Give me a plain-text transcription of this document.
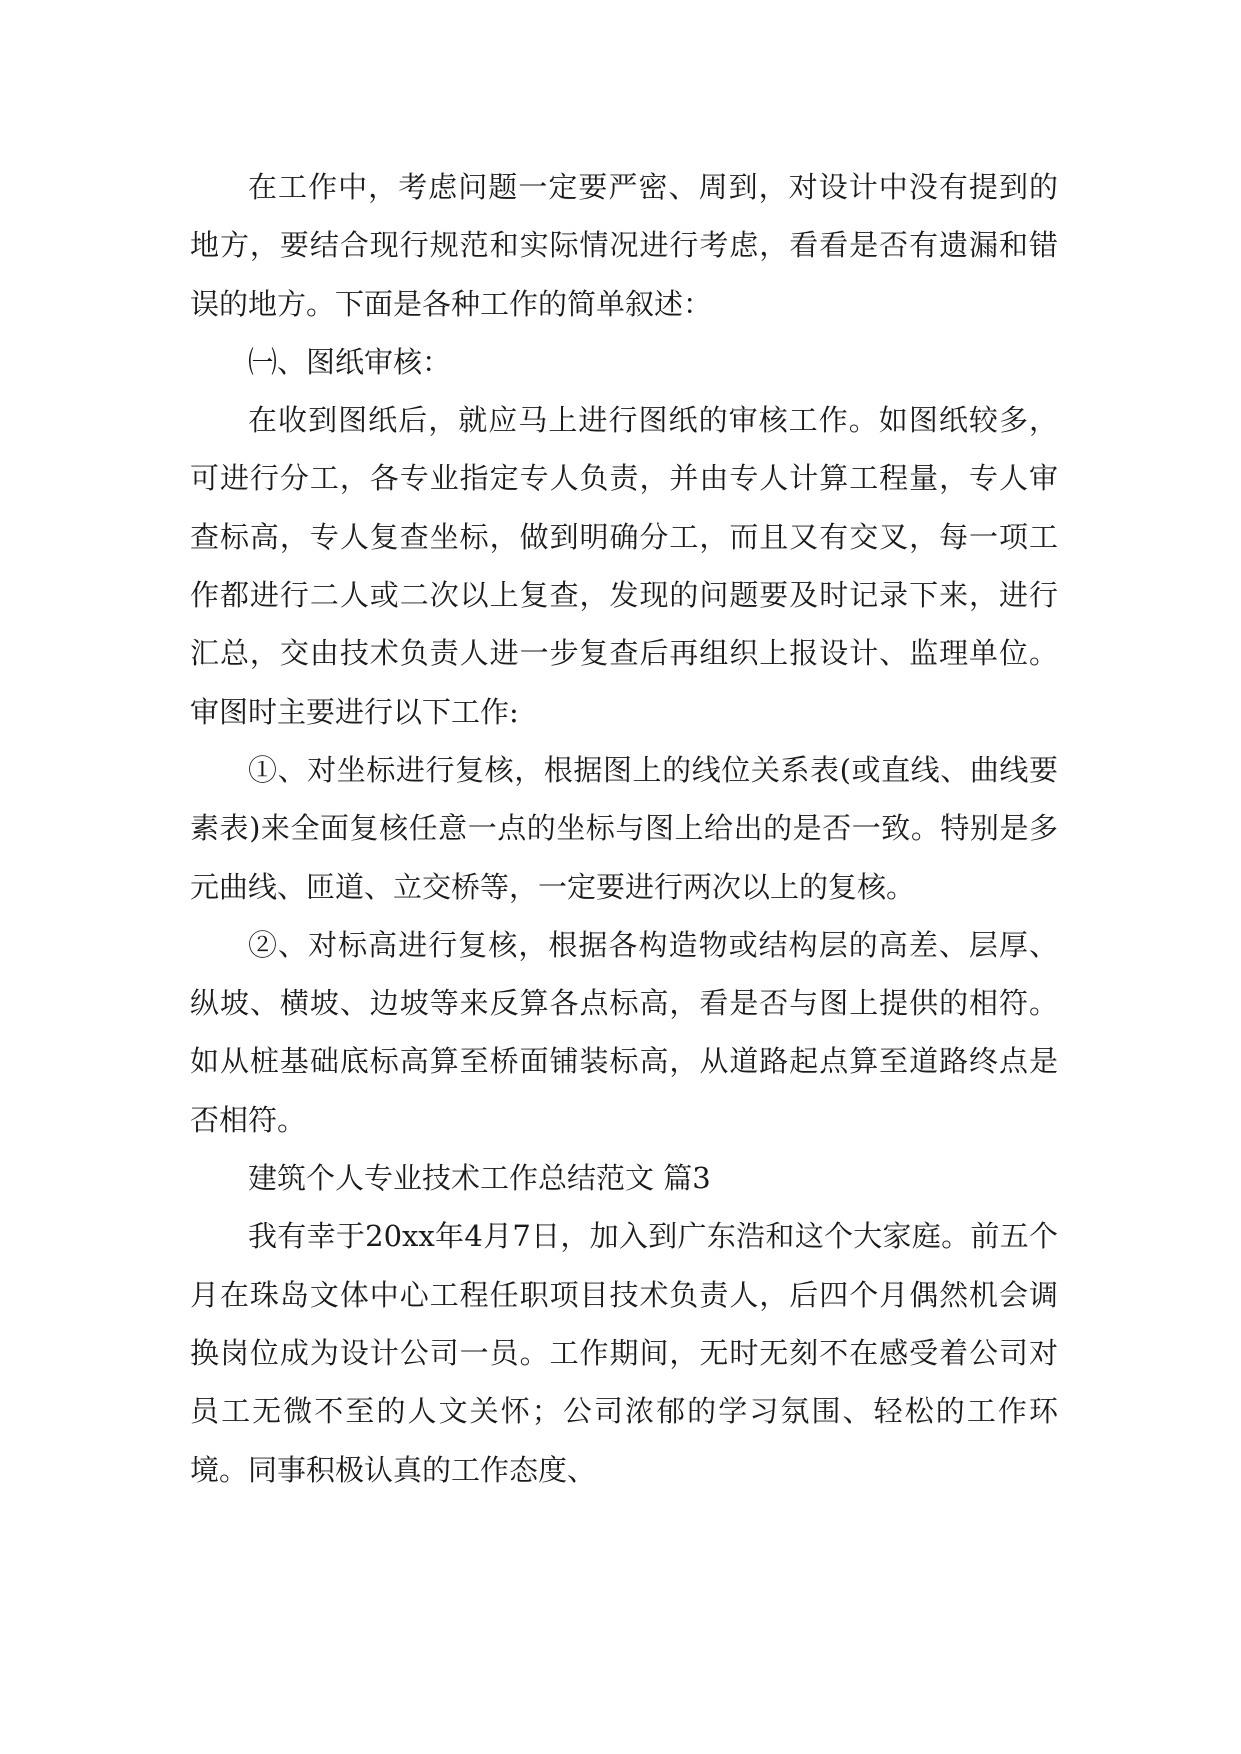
在工作中，考虑问题一定要严密、周到，对设计中没有提到的地方，要结合现行规范和实际情况进行考虑，看看是否有遗漏和错误的地方。下面是各种工作的简单叙述：

㈠、图纸审核：

在收到图纸后，就应马上进行图纸的审核工作。如图纸较多，可进行分工，各专业指定专人负责，并由专人计算工程量，专人审查标高，专人复查坐标，做到明确分工，而且又有交叉，每一项工作都进行二人或二次以上复查，发现的问题要及时记录下来，进行汇总，交由技术负责人进一步复查后再组织上报设计、监理单位。审图时主要进行以下工作:

①、对坐标进行复核，根据图上的线位关系表(或直线、曲线要素表)来全面复核任意一点的坐标与图上给出的是否一致。特别是多元曲线、匝道、立交桥等，一定要进行两次以上的复核。

②、对标高进行复核，根据各构造物或结构层的高差、层厚、纵坡、横坡、边坡等来反算各点标高，看是否与图上提供的相符。如从桩基础底标高算至桥面铺装标高，从道路起点算至道路终点是否相符。

建筑个人专业技术工作总结范文 篇3

我有幸于20xx年4月7日，加入到广东浩和这个大家庭。前五个月在珠岛文体中心工程任职项目技术负责人，后四个月偶然机会调换岗位成为设计公司一员。工作期间，无时无刻不在感受着公司对员工无微不至的人文关怀；公司浓郁的学习氛围、轻松的工作环境。同事积极认真的工作态度、
